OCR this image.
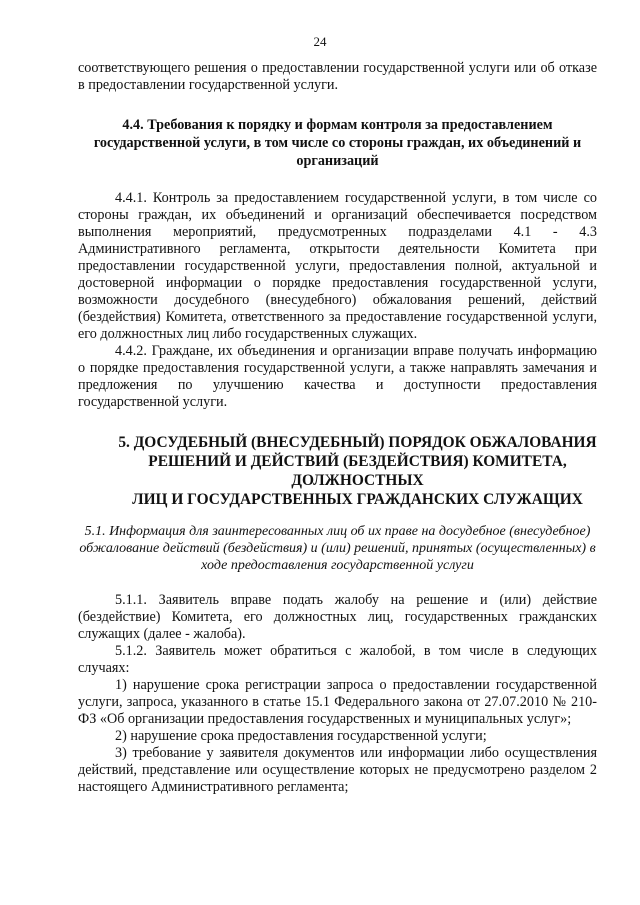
24

соответствующего решения о предоставлении государственной услуги или об отказе в предоставлении государственной услуги.

4.4. Требования к порядку и формам контроля за предоставлением государственной услуги, в том числе со стороны граждан, их объединений и организаций

4.4.1. Контроль за предоставлением государственной услуги, в том числе со стороны граждан, их объединений и организаций обеспечивается посредством выполнения мероприятий, предусмотренных подразделами 4.1 - 4.3 Административного регламента, открытости деятельности Комитета при предоставлении государственной услуги, предоставления полной, актуальной и достоверной информации о порядке предоставления государственной услуги, возможности досудебного (внесудебного) обжалования решений, действий (бездействия) Комитета, ответственного за предоставление государственной услуги, его должностных лиц либо государственных служащих.

4.4.2. Граждане, их объединения и организации вправе получать информацию о порядке предоставления государственной услуги, а также направлять замечания и предложения по улучшению качества и доступности предоставления государственной услуги.

5. ДОСУДЕБНЫЙ (ВНЕСУДЕБНЫЙ) ПОРЯДОК ОБЖАЛОВАНИЯ
РЕШЕНИЙ И ДЕЙСТВИЙ (БЕЗДЕЙСТВИЯ) КОМИТЕТА,
ДОЛЖНОСТНЫХ
ЛИЦ И ГОСУДАРСТВЕННЫХ ГРАЖДАНСКИХ СЛУЖАЩИХ
5.1. Информация для заинтересованных лиц об их праве на досудебное (внесудебное) обжалование действий (бездействия) и (или) решений, принятых (осуществленных) в ходе предоставления государственной услуги

5.1.1. Заявитель вправе подать жалобу на решение и (или) действие (бездействие) Комитета, его должностных лиц, государственных гражданских служащих (далее - жалоба).

5.1.2. Заявитель может обратиться с жалобой, в том числе в следующих случаях:

1) нарушение срока регистрации запроса о предоставлении государственной услуги, запроса, указанного в статье 15.1 Федерального закона от 27.07.2010 № 210-ФЗ «Об организации предоставления государственных и муниципальных услуг»;

2) нарушение срока предоставления государственной услуги;

3) требование у заявителя документов или информации либо осуществления действий, представление или осуществление которых не предусмотрено разделом 2 настоящего Административного регламента;
